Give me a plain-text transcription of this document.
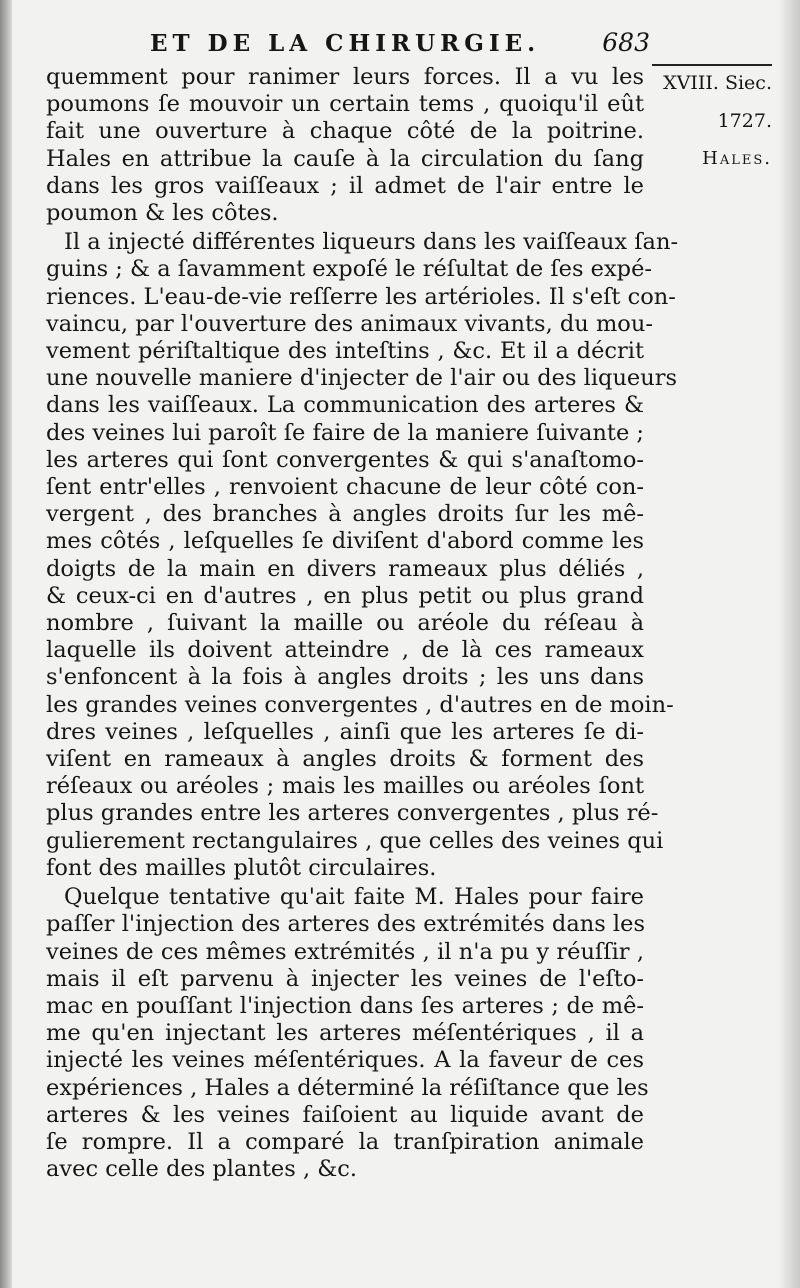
ET DE LA CHIRURGIE. 683
XVIII. Siec.
1727.
Hales.

quemment pour ranimer leurs forces. Il a vu les
poumons ſe mouvoir un certain tems , quoiqu'il eût
fait une ouverture à chaque côté de la poitrine.
Hales en attribue la cauſe à la circulation du ſang
dans les gros vaiſſeaux ; il admet de l'air entre le
poumon & les côtes.

Il a injecté différentes liqueurs dans les vaiſſeaux ſan-
guins ; & a ſavamment expoſé le réſultat de ſes expé-
riences. L'eau-de-vie reſſerre les artérioles. Il s'eſt con-
vaincu, par l'ouverture des animaux vivants, du mou-
vement périſtaltique des inteſtins , &c. Et il a décrit
une nouvelle maniere d'injecter de l'air ou des liqueurs
dans les vaiſſeaux. La communication des arteres &
des veines lui paroît ſe faire de la maniere ſuivante ;
les arteres qui ſont convergentes & qui s'anaſtomo-
ſent entr'elles , renvoient chacune de leur côté con-
vergent , des branches à angles droits ſur les mê-
mes côtés , leſquelles ſe diviſent d'abord comme les
doigts de la main en divers rameaux plus déliés ,
& ceux-ci en d'autres , en plus petit ou plus grand
nombre , ſuivant la maille ou aréole du réſeau à
laquelle ils doivent atteindre , de là ces rameaux
s'enfoncent à la fois à angles droits ; les uns dans
les grandes veines convergentes , d'autres en de moin-
dres veines , leſquelles , ainſi que les arteres ſe di-
viſent en rameaux à angles droits & forment des
réſeaux ou aréoles ; mais les mailles ou aréoles ſont
plus grandes entre les arteres convergentes , plus ré-
gulierement rectangulaires , que celles des veines qui
font des mailles plutôt circulaires.

Quelque tentative qu'ait faite M. Hales pour faire
paſſer l'injection des arteres des extrémités dans les
veines de ces mêmes extrémités , il n'a pu y réuſſir ,
mais il eſt parvenu à injecter les veines de l'eſto-
mac en pouſſant l'injection dans ſes arteres ; de mê-
me qu'en injectant les arteres méſentériques , il a
injecté les veines méſentériques. A la faveur de ces
expériences , Hales a déterminé la réſiſtance que les
arteres & les veines faiſoient au liquide avant de
ſe rompre. Il a comparé la tranſpiration animale
avec celle des plantes , &c.
